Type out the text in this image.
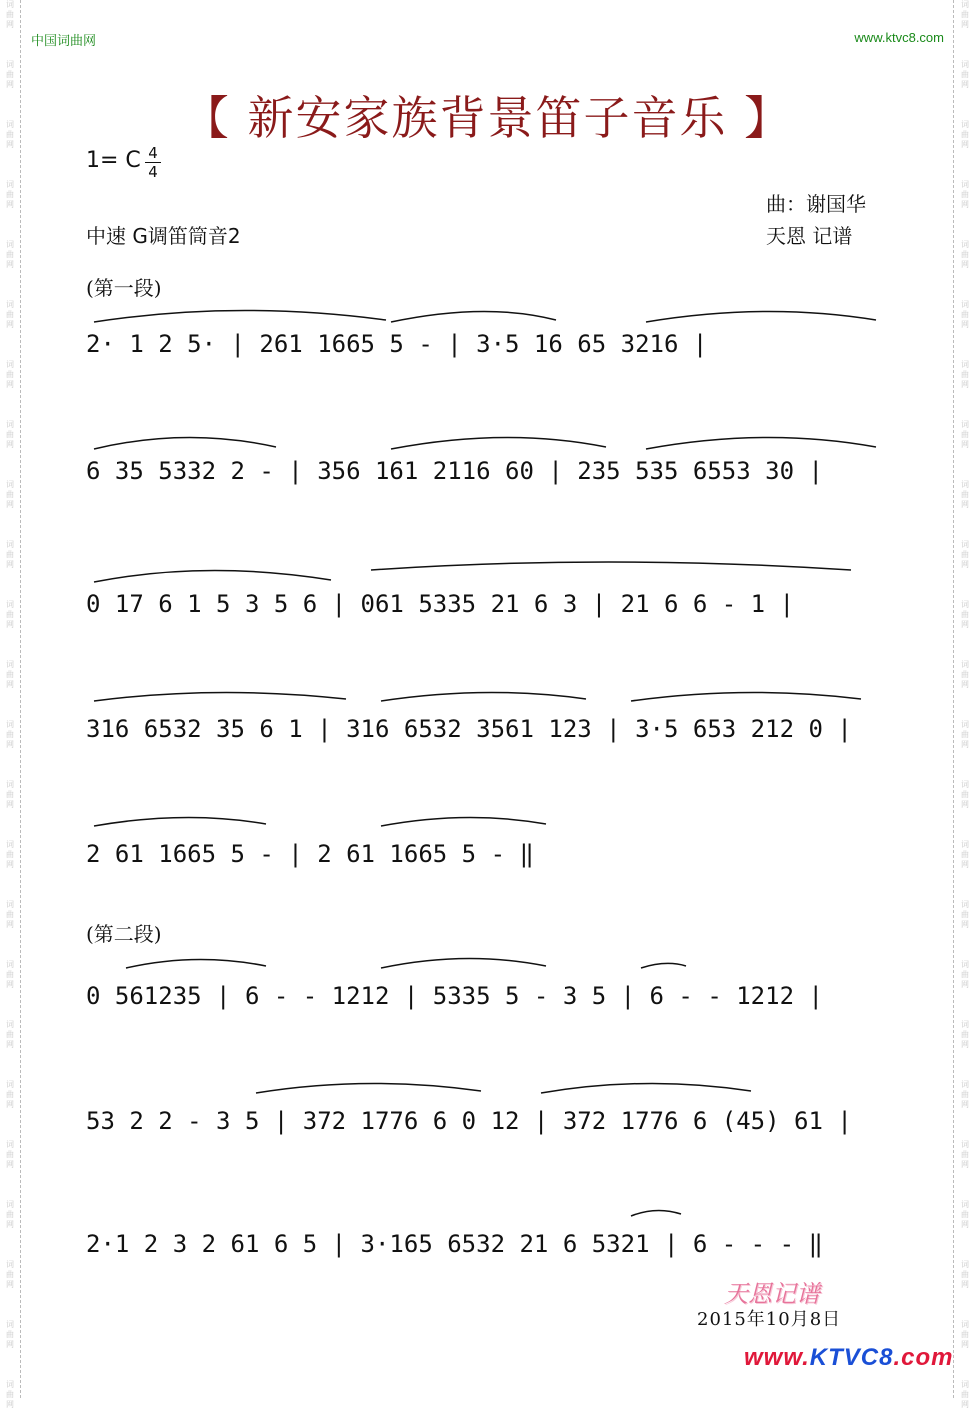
词
曲
网
词
曲
网
词
曲
网
词
曲
网
词
曲
网
词
曲
网
词
曲
网
词
曲
网
词
曲
网
词
曲
网
词
曲
网
词
曲
网
词
曲
网
词
曲
网
词
曲
网
词
曲
网
词
曲
网
词
曲
网
词
曲
网
词
曲
网
词
曲
网
词
曲
网
词
曲
网
词
曲
网
词
曲
网
词
曲
网
词
曲
网
词
曲
网
词
曲
网
词
曲
网
词
曲
网
词
曲
网
词
曲
网
词
曲
网
词
曲
网
词
曲
网
词
曲
网
词
曲
网
词
曲
网
词
曲
网
词
曲
网
词
曲
网
词
曲
网
词
曲
网
词
曲
网
词
曲
网
词
曲
网
词
曲
网
中国词曲网	www.ktvc8.com
【 新安家族背景笛子音乐 】
1= C 4
4
中速 G调笛筒音2
曲：谢国华
天恩 记谱
(第一段)
(第二段)
2· 1 2 5· | 261 1665 5 - | 3·5 16 65 3216 |
6 35 5332 2 - | 356 161 2116 60 | 235 535 6553 30 |
0 17 6 1 5 3 5 6 | 061 5335 21 6 3 | 21 6 6 - 1 |
316 6532 35 6 1 | 316 6532 3561 123 | 3·5 653 212 0 |
2 61 1665 5 - | 2 61 1665 5 - ‖
0 561235 | 6 - - 1212 | 5335 5 - 3 5 | 6 - - 1212 |
53 2 2 - 3 5 | 372 1776 6 0 12 | 372 1776 6 (45) 61 |
2·1 2 3 2 61 6 5 | 3·165 6532 21 6 5321 | 6 - - - ‖
天恩记谱
2015年10月8日
www.KTVC8.com
